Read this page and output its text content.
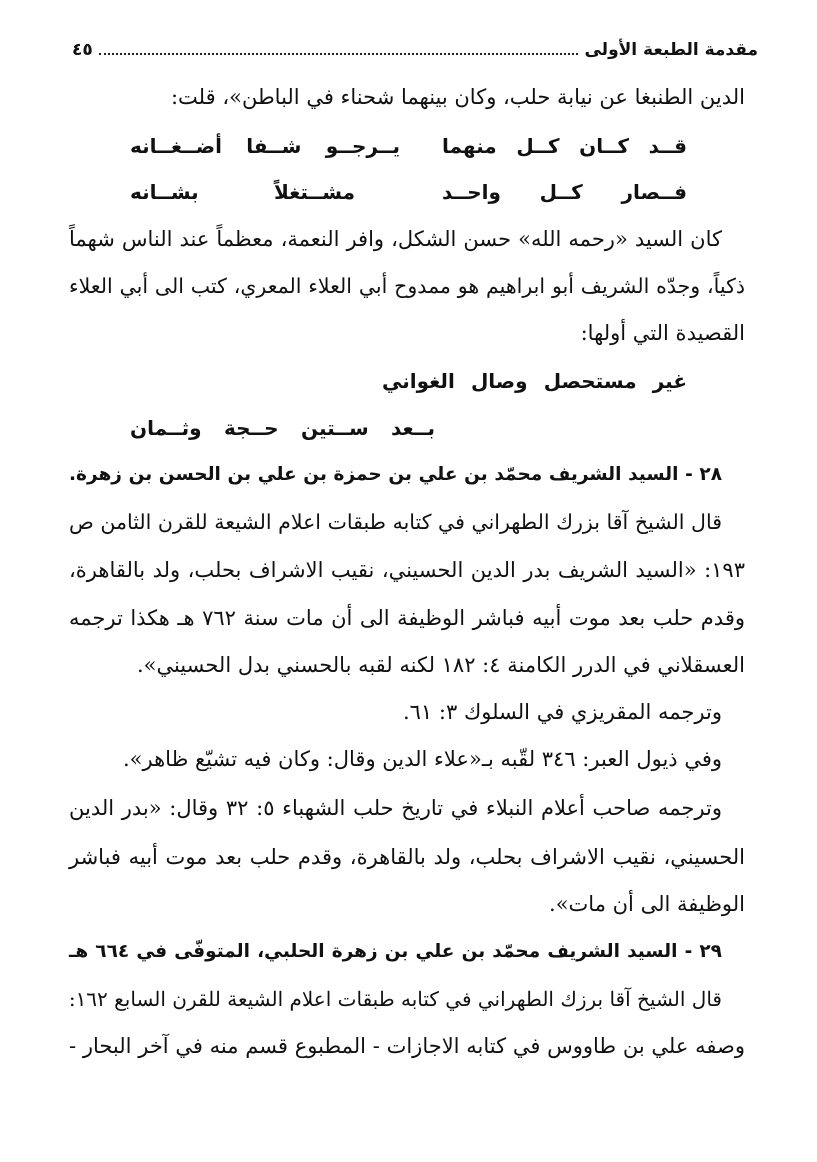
مقدمة الطبعة الأولى
٤٥
الدين الطنبغا عن نيابة حلب، وكان بينهما شحناء في الباطن»، قلت:
قــد كــان كــل منهما
يــرجــو شــفا أضــغــانه
فــصار كــل واحــد
مشــتغلاً بشــانه
كان السيد «رحمه الله» حسن الشكل، وافر النعمة، معظماً عند الناس شهماً
ذكياً، وجدّه الشريف أبو ابراهيم هو ممدوح أبي العلاء المعري، كتب الى أبي العلاء
القصيدة التي أولها:
غير مستحصل وصال الغواني
بــعد ســتين حــجة وثــمان
٢٨ - السيد الشريف محمّد بن علي بن حمزة بن علي بن الحسن بن زهرة.
قال الشيخ آقا بزرك الطهراني في كتابه طبقات اعلام الشيعة للقرن الثامن ص
١٩٣: «السيد الشريف بدر الدين الحسيني، نقيب الاشراف بحلب، ولد بالقاهرة،
وقدم حلب بعد موت أبيه فباشر الوظيفة الى أن مات سنة ٧٦٢ هـ هكذا ترجمه
العسقلاني في الدرر الكامنة ٤: ١٨٢ لكنه لقبه بالحسني بدل الحسيني».
وترجمه المقريزي في السلوك ٣: ٦١.
وفي ذيول العبر: ٣٤٦ لقّبه بـ«علاء الدين وقال: وكان فيه تشيّع ظاهر».
وترجمه صاحب أعلام النبلاء في تاريخ حلب الشهباء ٥: ٣٢ وقال: «بدر الدين
الحسيني، نقيب الاشراف بحلب، ولد بالقاهرة، وقدم حلب بعد موت أبيه فباشر
الوظيفة الى أن مات».
٢٩ - السيد الشريف محمّد بن علي بن زهرة الحلبي، المتوفّى في ٦٦٤ هـ
قال الشيخ آقا برزك الطهراني في كتابه طبقات اعلام الشيعة للقرن السابع ١٦٢:
وصفه علي بن طاووس في كتابه الاجازات - المطبوع قسم منه في آخر البحار -
